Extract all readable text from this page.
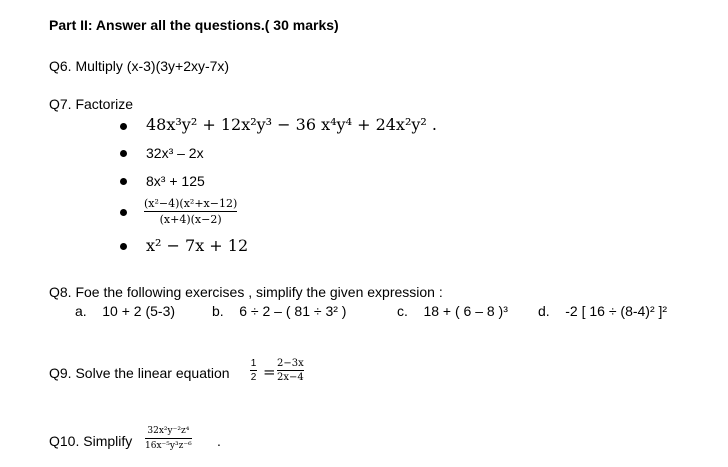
Part II: Answer all the questions.( 30 marks)
Q6. Multiply (x-3)(3y+2xy-7x)
Q7. Factorize
48x³y² + 12x²y³ − 36 x⁴y⁴ + 24x²y² .
32x³ – 2x
8x³ + 125
(x²−4)(x²+x−12)
(x+4)(x−2)
x² − 7x + 12
Q8. Foe the following exercises , simplify the given expression :
a. 10 + 2 (5-3)	b. 6 ÷ 2 – ( 81 ÷ 3² )	c. 18 + ( 6 – 8 )³ d. -2 [ 16 ÷ (8-4)² ]²
Q9. Solve the linear equation
1
2 = 2−3x
2x−4
Q10. Simplify
32x²y⁻²z⁴
16x⁻⁵y³z⁻⁶ .
